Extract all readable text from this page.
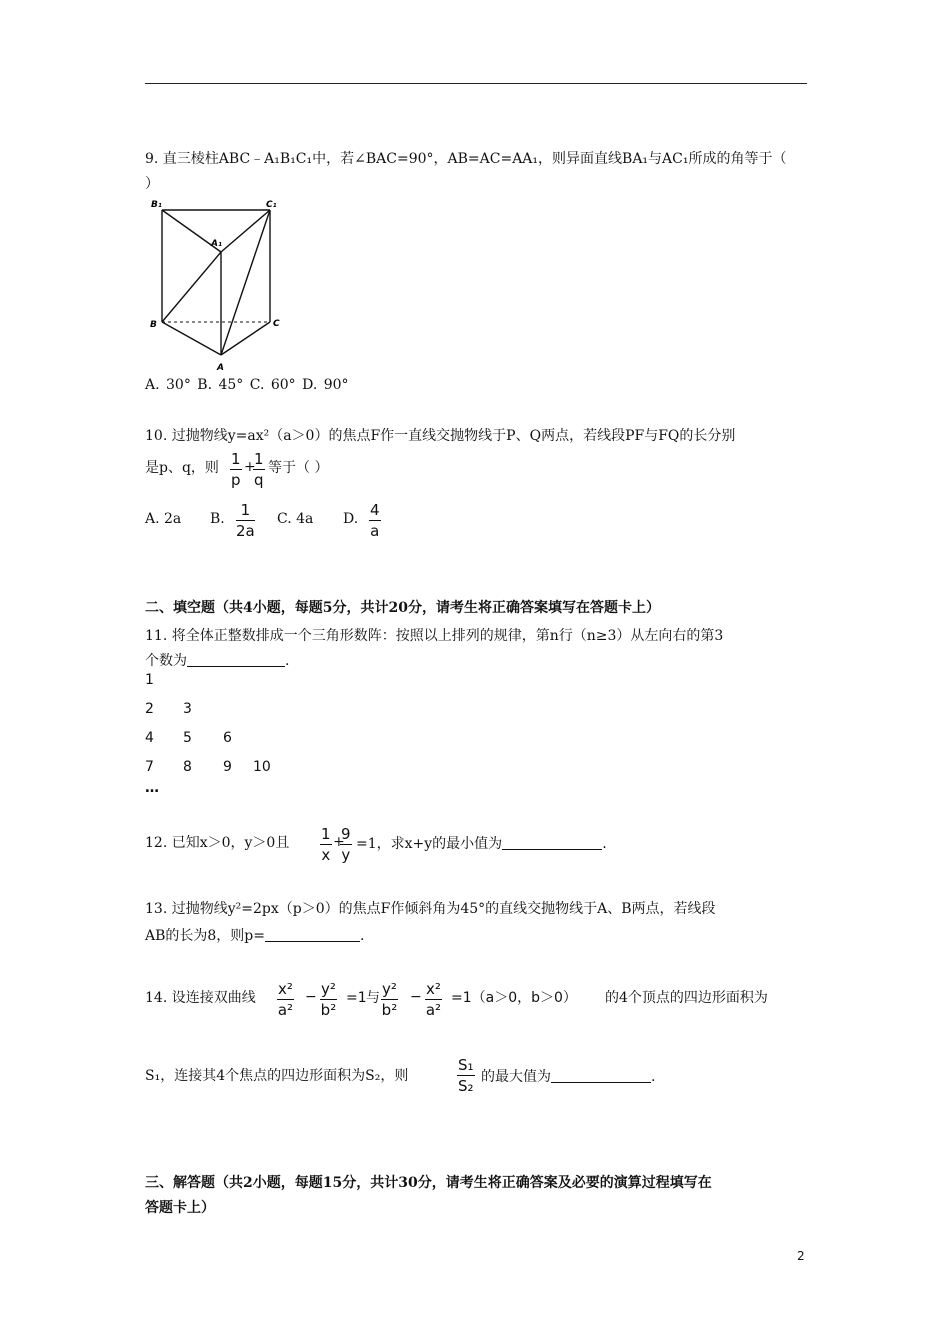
9. 直三棱柱ABC﹣A₁B₁C₁中，若∠BAC=90°，AB=AC=AA₁，则异面直线BA₁与AC₁所成的角等于（
）
B₁	C₁
A₁
B	C
A
A. 30° B. 45° C. 60° D. 90°
10. 过抛物线y=ax²（a＞0）的焦点F作一直线交抛物线于P、Q两点，若线段PF与FQ的长分别
是p、q，则 $\frac{1}{p}$ +
$\frac{1}{q}$ 等于（ ）
A. 2a B. $\frac{1}{2a} C$. 4a D. $\frac{4}{a}$
二、填空题（共4小题，每题5分，共计20分，请考生将正确答案填写在答题卡上）
11. 将全体正整数排成一个三角形数阵：按照以上排列的规律，第n行（n≥3）从左向右的第3
个数为	.
1
2 3
4 5 6
7 8 9 10
…
12. 已知x＞0，y＞0且 $\frac{1}{x}$ +
$\frac{9}{y} =1$，求x+y的最小值为	.
13. 过抛物线y²=2px（p＞0）的焦点F作倾斜角为45°的直线交抛物线于A、B两点，若线段
AB的长为8，则p=	.
14. 设连接双曲线 $\frac{\text{x²}}{\text{a²}} - \frac{\text{y²}}{\text{b²}} =1$ 与 $\frac{\text{y²}}{\text{b²}} - \frac{\text{x²}}{\text{a²}} =1(a>0$，b＞0） 的4个顶点的四边形面积为
S₁，连接其4个焦点的四边形面积为S₂，则	$\frac{\text{S₁}}{\text{S₂}}$ 的最大值为	.
三、解答题（共2小题，每题15分，共计30分，请考生将正确答案及必要的演算过程填写在
答题卡上）
2
